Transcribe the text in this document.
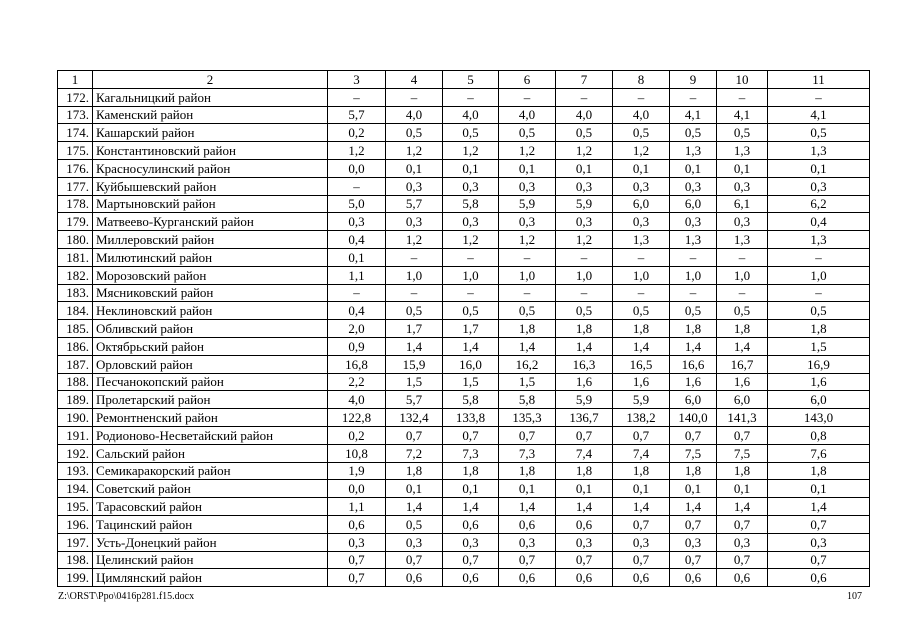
1	2	3	4	5	6	7	8	9	10	11
172.	Кагальницкий район	–	–	–	–	–	–	–	–	–
173.	Каменский район	5,7	4,0	4,0	4,0	4,0	4,0	4,1	4,1	4,1
174.	Кашарский район	0,2	0,5	0,5	0,5	0,5	0,5	0,5	0,5	0,5
175.	Константиновский район	1,2	1,2	1,2	1,2	1,2	1,2	1,3	1,3	1,3
176.	Красносулинский район	0,0	0,1	0,1	0,1	0,1	0,1	0,1	0,1	0,1
177.	Куйбышевский район	–	0,3	0,3	0,3	0,3	0,3	0,3	0,3	0,3
178.	Мартыновский район	5,0	5,7	5,8	5,9	5,9	6,0	6,0	6,1	6,2
179.	Матвеево-Курганский район	0,3	0,3	0,3	0,3	0,3	0,3	0,3	0,3	0,4
180.	Миллеровский район	0,4	1,2	1,2	1,2	1,2	1,3	1,3	1,3	1,3
181.	Милютинский район	0,1	–	–	–	–	–	–	–	–
182.	Морозовский район	1,1	1,0	1,0	1,0	1,0	1,0	1,0	1,0	1,0
183.	Мясниковский район	–	–	–	–	–	–	–	–	–
184.	Неклиновский район	0,4	0,5	0,5	0,5	0,5	0,5	0,5	0,5	0,5
185.	Обливский район	2,0	1,7	1,7	1,8	1,8	1,8	1,8	1,8	1,8
186.	Октябрьский район	0,9	1,4	1,4	1,4	1,4	1,4	1,4	1,4	1,5
187.	Орловский район	16,8	15,9	16,0	16,2	16,3	16,5	16,6	16,7	16,9
188.	Песчанокопский район	2,2	1,5	1,5	1,5	1,6	1,6	1,6	1,6	1,6
189.	Пролетарский район	4,0	5,7	5,8	5,8	5,9	5,9	6,0	6,0	6,0
190.	Ремонтненский район	122,8	132,4	133,8	135,3	136,7	138,2	140,0	141,3	143,0
191.	Родионово-Несветайский район	0,2	0,7	0,7	0,7	0,7	0,7	0,7	0,7	0,8
192.	Сальский район	10,8	7,2	7,3	7,3	7,4	7,4	7,5	7,5	7,6
193.	Семикаракорский район	1,9	1,8	1,8	1,8	1,8	1,8	1,8	1,8	1,8
194.	Советский район	0,0	0,1	0,1	0,1	0,1	0,1	0,1	0,1	0,1
195.	Тарасовский район	1,1	1,4	1,4	1,4	1,4	1,4	1,4	1,4	1,4
196.	Тацинский район	0,6	0,5	0,6	0,6	0,6	0,7	0,7	0,7	0,7
197.	Усть-Донецкий район	0,3	0,3	0,3	0,3	0,3	0,3	0,3	0,3	0,3
198.	Целинский район	0,7	0,7	0,7	0,7	0,7	0,7	0,7	0,7	0,7
199.	Цимлянский район	0,7	0,6	0,6	0,6	0,6	0,6	0,6	0,6	0,6
Z:\ORST\Ppo\0416p281.f15.docx	107
